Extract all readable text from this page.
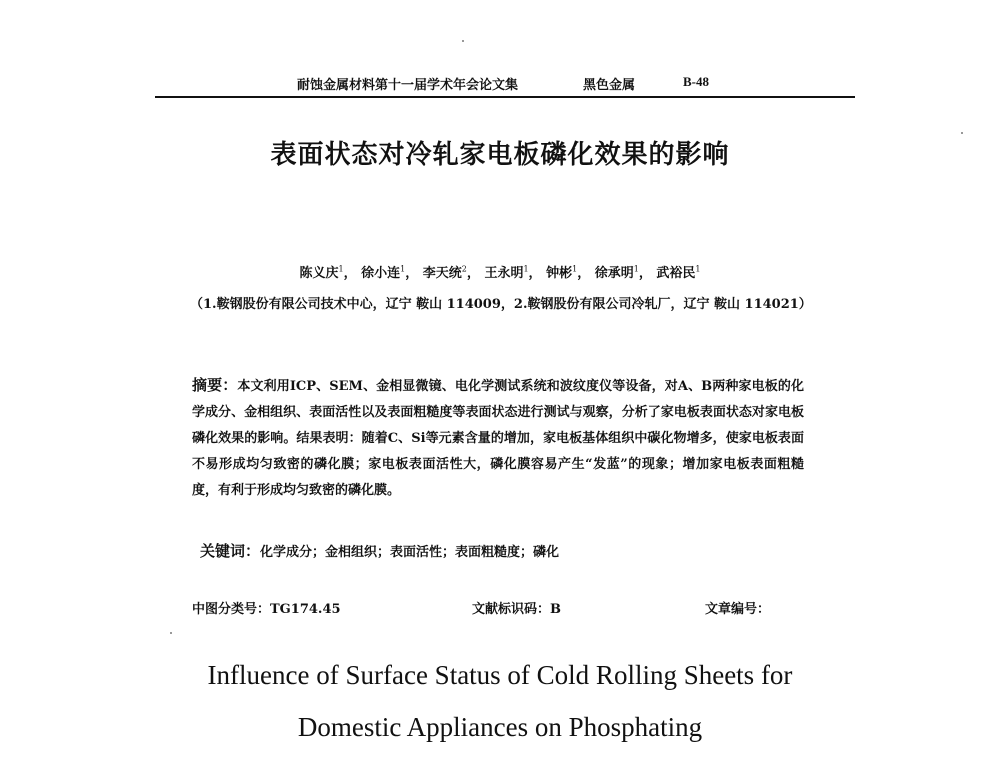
耐蚀金属材料第十一届学术年会论文集	黑色金属	B-48
表面状态对冷轧家电板磷化效果的影响
陈义庆$^1$， 徐小连$^1$， 李天统$^2$， 王永明$^1$， 钟彬$^1$， 徐承明$^1$， 武裕民$^1$
（1.鞍钢股份有限公司技术中心，辽宁 鞍山 114009，2.鞍钢股份有限公司冷轧厂，辽宁 鞍山 114021）
摘要：本文利用ICP、SEM、金相显微镜、电化学测试系统和波纹度仪等设备，对A、B两种家电板的化学成分、金相组织、表面活性以及表面粗糙度等表面状态进行测试与观察，分析了家电板表面状态对家电板磷化效果的影响。结果表明：随着C、Si等元素含量的增加，家电板基体组织中碳化物增多，使家电板表面不易形成均匀致密的磷化膜；家电板表面活性大，磷化膜容易产生“发蓝”的现象；增加家电板表面粗糙度，有利于形成均匀致密的磷化膜。
关键词：化学成分；金相组织；表面活性；表面粗糙度；磷化
中图分类号：TG174.45	文献标识码：B	文章编号：
Influence of Surface Status of Cold Rolling Sheets for
Domestic Appliances on Phosphating
